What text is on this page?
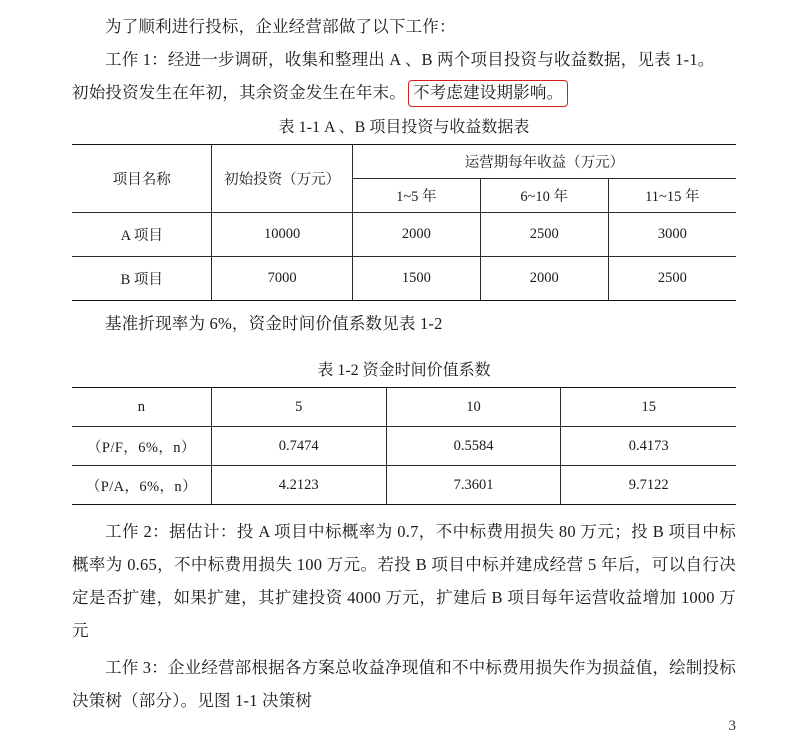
为了顺利进行投标，企业经营部做了以下工作：

工作 1：经进一步调研，收集和整理出 A 、B 两个项目投资与收益数据，见表 1-1。

初始投资发生在年初，其余资金发生在年末。 不考虑建设期影响。

表 1-1 A 、B 项目投资与收益数据表
项目名称	初始投资（万元）	运营期每年收益（万元）		
		1~5 年	6~10 年	11~15 年
A 项目	10000	2000	2500	3000
B 项目	7000	1500	2000	2500

基准折现率为 6%，资金时间价值系数见表 1-2

表 1-2 资金时间价值系数
n	5	10	15
（P/F，6%，n）	0.7474	0.5584	0.4173
（P/A，6%，n）	4.2123	7.3601	9.7122

工作 2：据估计：投 A 项目中标概率为 0.7，不中标费用损失 80 万元；投 B 项目中标概率为 0.65，不中标费用损失 100 万元。若投 B 项目中标并建成经营 5 年后，可以自行决定是否扩建，如果扩建，其扩建投资 4000 万元，扩建后 B 项目每年运营收益增加 1000 万元

工作 3：企业经营部根据各方案总收益净现值和不中标费用损失作为损益值，绘制投标决策树（部分）。见图 1-1 决策树

3
